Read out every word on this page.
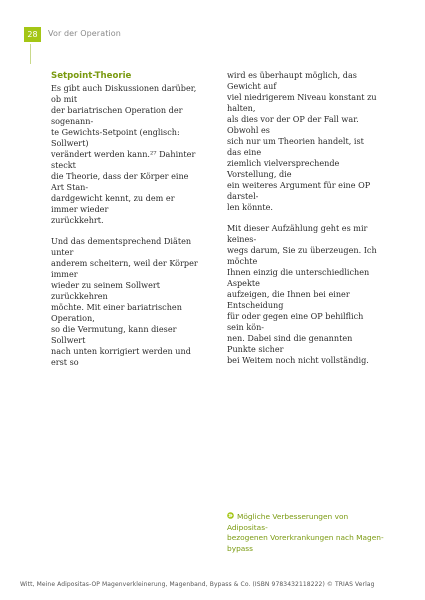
28	Vor der Operation
Setpoint-Theorie

Es gibt auch Diskussionen darüber, ob mit
der bariatrischen Operation der sogenann-
te Gewichts-Setpoint (englisch: Sollwert)
verändert werden kann.²⁷ Dahinter steckt
die Theorie, dass der Körper eine Art Stan-
dardgewicht kennt, zu dem er immer wieder
zurückkehrt.

Und das dementsprechend Diäten unter
anderem scheitern, weil der Körper immer
wieder zu seinem Sollwert zurückkehren
möchte. Mit einer bariatrischen Operation,
so die Vermutung, kann dieser Sollwert
nach unten korrigiert werden und erst so

wird es überhaupt möglich, das Gewicht auf
viel niedrigerem Niveau konstant zu halten,
als dies vor der OP der Fall war. Obwohl es
sich nur um Theorien handelt, ist das eine
ziemlich vielversprechende Vorstellung, die
ein weiteres Argument für eine OP darstel-
len könnte.

Mit dieser Aufzählung geht es mir keines-
wegs darum, Sie zu überzeugen. Ich möchte
Ihnen einzig die unterschiedlichen Aspekte
aufzeigen, die Ihnen bei einer Entscheidung
für oder gegen eine OP behilflich sein kön-
nen. Dabei sind die genannten Punkte sicher
bei Weitem noch nicht vollständig.

Mögliche Verbesserungen von Adipositas-
bezogenen Vorerkrankungen nach Magen-
bypass
Witt, Meine Adipositas-OP Magenverkleinerung, Magenband, Bypass & Co. (ISBN 9783432118222) © TRIAS Verlag
